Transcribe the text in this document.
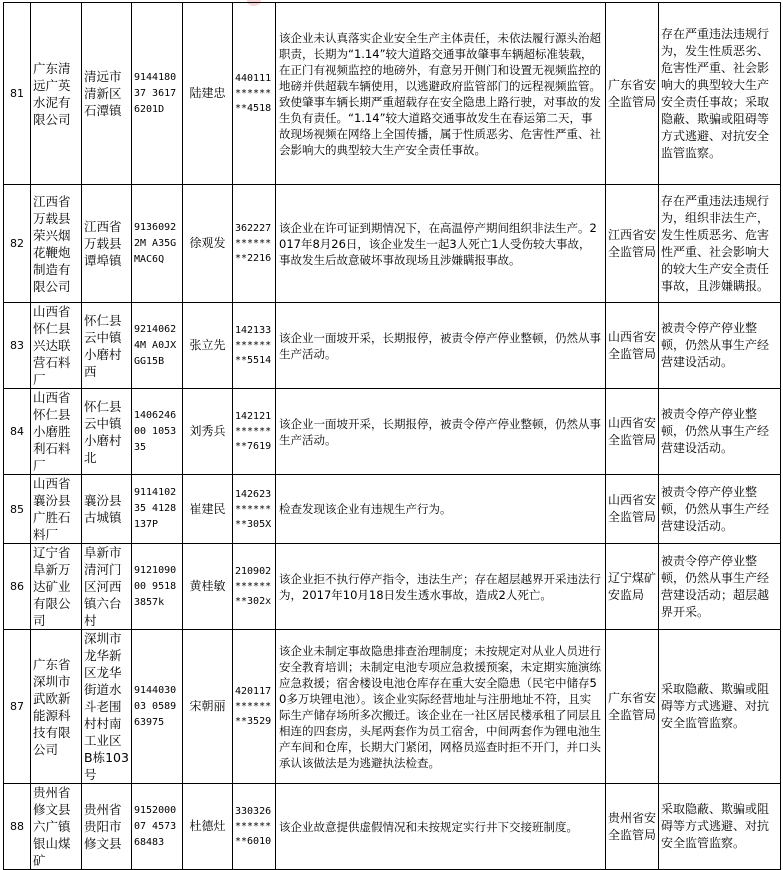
81	广东清远广英水泥有限公司	清远市清新区石潭镇	914418037 36176201D	陆建忠	440111 ****** **4518	该企业未认真落实企业安全生产主体责任，未依法履行源头治超职责，长期为“1.14”较大道路交通事故肇事车辆超标准装载，在正门有视频监控的地磅外，有意另开侧门和设置无视频监控的地磅并供超载车辆使用，以逃避政府监管部门的远程视频监管。致使肇事车辆长期严重超载存在安全隐患上路行驶，对事故的发生负有责任。“1.14”较大道路交通事故发生在春运第二天，事故现场视频在网络上全国传播，属于性质恶劣、危害性严重、社会影响大的典型较大生产安全责任事故。	广东省安全监管局	存在严重违法违规行为，发生性质恶劣、危害性严重、社会影响大的典型较大生产安全责任事故；采取隐蔽、欺骗或阻碍等方式逃避、对抗安全监管监察。
82	江西省万载县荣兴烟花鞭炮制造有限公司	江西省万载县谭埠镇	91360922M A35GMAC6Q	徐观发	362227 ****** **2216	该企业在许可证到期情况下，在高温停产期间组织非法生产。2017年8月26日，该企业发生一起3人死亡1人受伤较大事故，事故发生后故意破坏事故现场且涉嫌瞒报事故。	江西省安全监管局	存在严重违法违规行为，组织非法生产，发生性质恶劣、危害性严重、社会影响大的较大生产安全责任事故，且涉嫌瞒报。
83	山西省怀仁县兴达联营石料厂	怀仁县云中镇小磨村西	92140624M A0JXGG15B	张立先	142133 ****** **5514	该企业一面坡开采，长期报停，被责令停产停业整顿，仍然从事生产活动。	山西省安全监管局	被责令停产停业整顿，仍然从事生产经营建设活动。
84	山西省怀仁县小磨胜利石料厂	怀仁县云中镇小磨村北	140624600 105335	刘秀兵	142121 ****** **7619	该企业一面坡开采，长期报停，被责令停产停业整顿，仍然从事生产活动。	山西省安全监管局	被责令停产停业整顿，仍然从事生产经营建设活动。
85	山西省襄汾县广胜石料厂	襄汾县古城镇	911410235 4128137P	崔建民	142623 ****** **305X	检查发现该企业有违规生产行为。	山西省安全监管局	被责令停产停业整顿，仍然从事生产经营建设活动。
86	辽宁省阜新万达矿业有限公司	阜新市清河门区河西镇六台村	912109000 95183857k	黄桂敏	210902 ****** **302x	该企业拒不执行停产指令，违法生产；存在超层越界开采违法行为，2017年10月18日发生透水事故，造成2人死亡。	辽宁煤矿安监局	被责令停产停业整顿，仍然从事生产经营建设活动；超层越界开采。
87	广东省深圳市武欧新能源科技有限公司	深圳市龙华新区龙华街道水斗老围村村南工业区B栋103号	914403003 058963975	宋朝丽	420117 ****** **3529	该企业未制定事故隐患排查治理制度；未按规定对从业人员进行安全教育培训；未制定电池专项应急救援预案，未定期实施演练应急救援；宿舍楼设电池仓库存在重大安全隐患（民宅中储存50多万块锂电池）。该企业实际经营地址与注册地址不符，且实际生产储存场所多次搬迁。该企业在一社区居民楼承租了同层且相连的四套房，头尾两套作为员工宿舍，中间两套作为锂电池生产车间和仓库，长期大门紧闭，网格员巡查时拒不开门，并口头承认该做法是为逃避执法检查。	广东省安全监管局	采取隐蔽、欺骗或阻碍等方式逃避、对抗安全监管监察。
88	贵州省修文县六广镇银山煤矿	贵州省贵阳市修文县	915200007 457368483	杜德灶	330326 ****** **6010	该企业故意提供虚假情况和未按规定实行井下交接班制度。	贵州省安全监管局	采取隐蔽、欺骗或阻碍等方式逃避、对抗安全监管监察。
